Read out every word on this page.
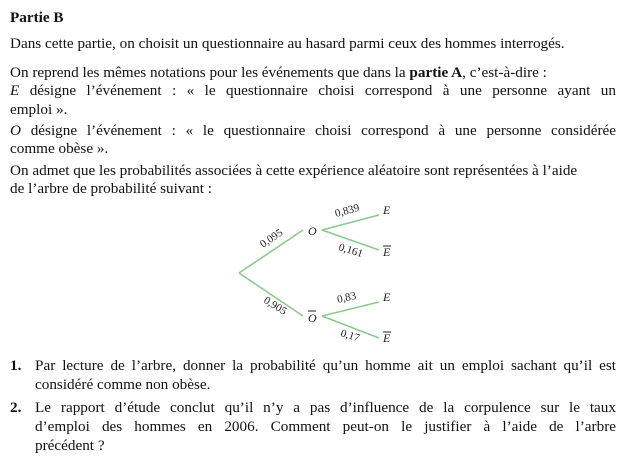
Partie B
Dans cette partie, on choisit un questionnaire au hasard parmi ceux des hommes interrogés.
On reprend les mêmes notations pour les événements que dans la partie A, c’est-à-dire :
E désigne l’événement : « le questionnaire choisi correspond à une personne ayant un
emploi ».
O désigne l’événement : « le questionnaire choisi correspond à une personne considérée
comme obèse ».
On admet que les probabilités associées à cette expérience aléatoire sont représentées à l’aide
de l’arbre de probabilité suivant :
0,095
0,905
0,839
0,161
0,83
0,17
O
O
E
E
E
E
1. Par lecture de l’arbre, donner la probabilité qu’un homme ait un emploi sachant qu’il est
considéré comme non obèse.
2. Le rapport d’étude conclut qu’il n’y a pas d’influence de la corpulence sur le taux
d’emploi des hommes en 2006. Comment peut-on le justifier à l’aide de l’arbre
précédent ?
